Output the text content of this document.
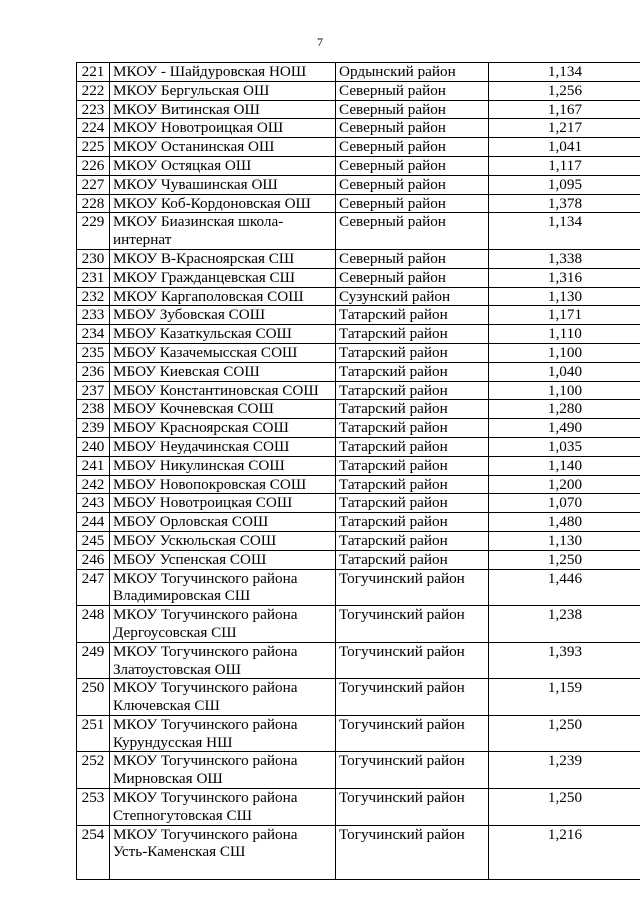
7
221	МКОУ - Шайдуровская НОШ	Ордынский район	1,134
222	МКОУ Бергульская ОШ	Северный район	1,256
223	МКОУ Витинская ОШ	Северный район	1,167
224	МКОУ Новотроицкая ОШ	Северный район	1,217
225	МКОУ Останинская ОШ	Северный район	1,041
226	МКОУ Остяцкая ОШ	Северный район	1,117
227	МКОУ Чувашинская ОШ	Северный район	1,095
228	МКОУ Коб-Кордоновская ОШ	Северный район	1,378
229	МКОУ Биазинская школа-интернат	Северный район	1,134
230	МКОУ В-Красноярская СШ	Северный район	1,338
231	МКОУ Гражданцевская СШ	Северный район	1,316
232	МКОУ Каргаполовская СОШ	Сузунский район	1,130
233	МБОУ Зубовская СОШ	Татарский район	1,171
234	МБОУ Казаткульская СОШ	Татарский район	1,110
235	МБОУ Казачемысская СОШ	Татарский район	1,100
236	МБОУ Киевская СОШ	Татарский район	1,040
237	МБОУ Константиновская СОШ	Татарский район	1,100
238	МБОУ Кочневская СОШ	Татарский район	1,280
239	МБОУ Красноярская СОШ	Татарский район	1,490
240	МБОУ Неудачинская СОШ	Татарский район	1,035
241	МБОУ Никулинская СОШ	Татарский район	1,140
242	МБОУ Новопокровская СОШ	Татарский район	1,200
243	МБОУ Новотроицкая СОШ	Татарский район	1,070
244	МБОУ Орловская СОШ	Татарский район	1,480
245	МБОУ Ускюльская СОШ	Татарский район	1,130
246	МБОУ Успенская СОШ	Татарский район	1,250
247	МКОУ Тогучинского района Владимировская СШ	Тогучинский район	1,446
248	МКОУ Тогучинского района Дергоусовская СШ	Тогучинский район	1,238
249	МКОУ Тогучинского района Златоустовская ОШ	Тогучинский район	1,393
250	МКОУ Тогучинского района Ключевская СШ	Тогучинский район	1,159
251	МКОУ Тогучинского района Курундусская НШ	Тогучинский район	1,250
252	МКОУ Тогучинского района Мирновская ОШ	Тогучинский район	1,239
253	МКОУ Тогучинского района Степногутовская СШ	Тогучинский район	1,250
254	МКОУ Тогучинского района Усть-Каменская СШ	Тогучинский район	1,216
